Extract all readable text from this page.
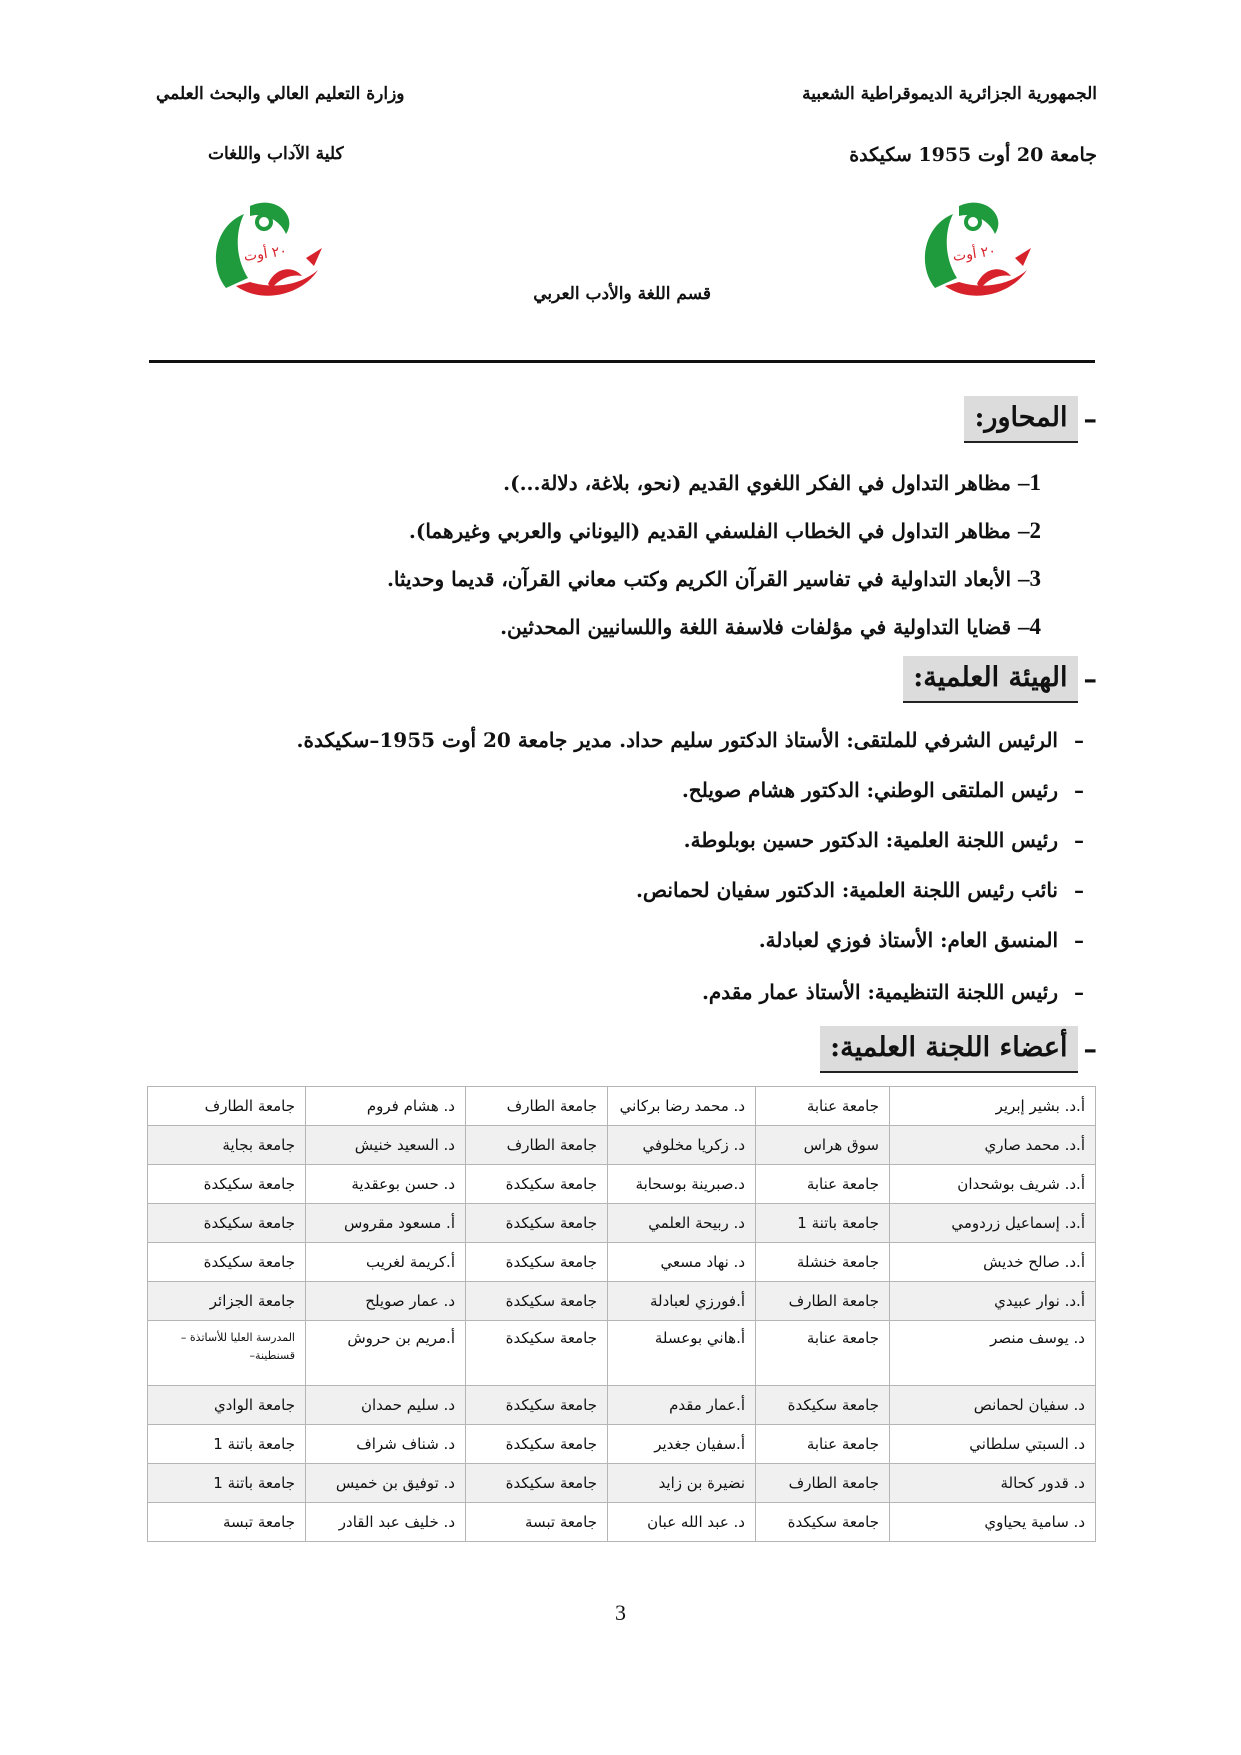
الجمهورية الجزائرية الديموقراطية الشعبية
وزارة التعليم العالي والبحث العلمي
جامعة 20 أوت 1955 سكيكدة
كلية الآداب واللغات
٢٠ أوت
٢٠ أوت
قسم اللغة والأدب العربي
–
المحاور:
1– مظاهر التداول في الفكر اللغوي القديم (نحو، بلاغة، دلالة...).
2– مظاهر التداول في الخطاب الفلسفي القديم (اليوناني والعربي وغيرهما).
3– الأبعاد التداولية في تفاسير القرآن الكريم وكتب معاني القرآن، قديما وحديثا.
4– قضايا التداولية في مؤلفات فلاسفة اللغة واللسانيين المحدثين.
–
الهيئة العلمية:
–
الرئيس الشرفي للملتقى: الأستاذ الدكتور سليم حداد. مدير جامعة 20 أوت 1955–سكيكدة.
–
رئيس الملتقى الوطني: الدكتور هشام صويلح.
–
رئيس اللجنة العلمية: الدكتور حسين بوبلوطة.
–
نائب رئيس اللجنة العلمية: الدكتور سفيان لحمانص.
–
المنسق العام: الأستاذ فوزي لعبادلة.
–
رئيس اللجنة التنظيمية: الأستاذ عمار مقدم.
–
أعضاء اللجنة العلمية:
أ.د. بشير إبرير	جامعة عنابة	د. محمد رضا بركاني	جامعة الطارف	د. هشام فروم	جامعة الطارف
أ.د. محمد صاري	سوق هراس	د. زكريا مخلوفي	جامعة الطارف	د. السعيد خنيش	جامعة بجاية
أ.د. شريف بوشحدان	جامعة عنابة	د.صبرينة بوسحابة	جامعة سكيكدة	د. حسن بوعقدية	جامعة سكيكدة
أ.د. إسماعيل زردومي	جامعة باتنة 1	د. ربيحة العلمي	جامعة سكيكدة	أ. مسعود مقروس	جامعة سكيكدة
أ.د. صالح خديش	جامعة خنشلة	د. نهاد مسعي	جامعة سكيكدة	أ.كريمة لغريب	جامعة سكيكدة
أ.د. نوار عبيدي	جامعة الطارف	أ.فورزي لعبادلة	جامعة سكيكدة	د. عمار صويلح	جامعة الجزائر
د. يوسف منصر	جامعة عنابة	أ.هاني بوعسلة	جامعة سكيكدة	أ.مريم بن حروش	المدرسة العليا للأساتذة –قسنطينة–
د. سفيان لحمانص	جامعة سكيكدة	أ.عمار مقدم	جامعة سكيكدة	د. سليم حمدان	جامعة الوادي
د. السبتي سلطاني	جامعة عنابة	أ.سفيان جغدير	جامعة سكيكدة	د. شناف شراف	جامعة باتنة 1
د. قدور كحالة	جامعة الطارف	نضيرة بن زايد	جامعة سكيكدة	د. توفيق بن خميس	جامعة باتنة 1
د. سامية يحياوي	جامعة سكيكدة	د. عبد الله عبان	جامعة تبسة	د. خليف عبد القادر	جامعة تبسة
3
